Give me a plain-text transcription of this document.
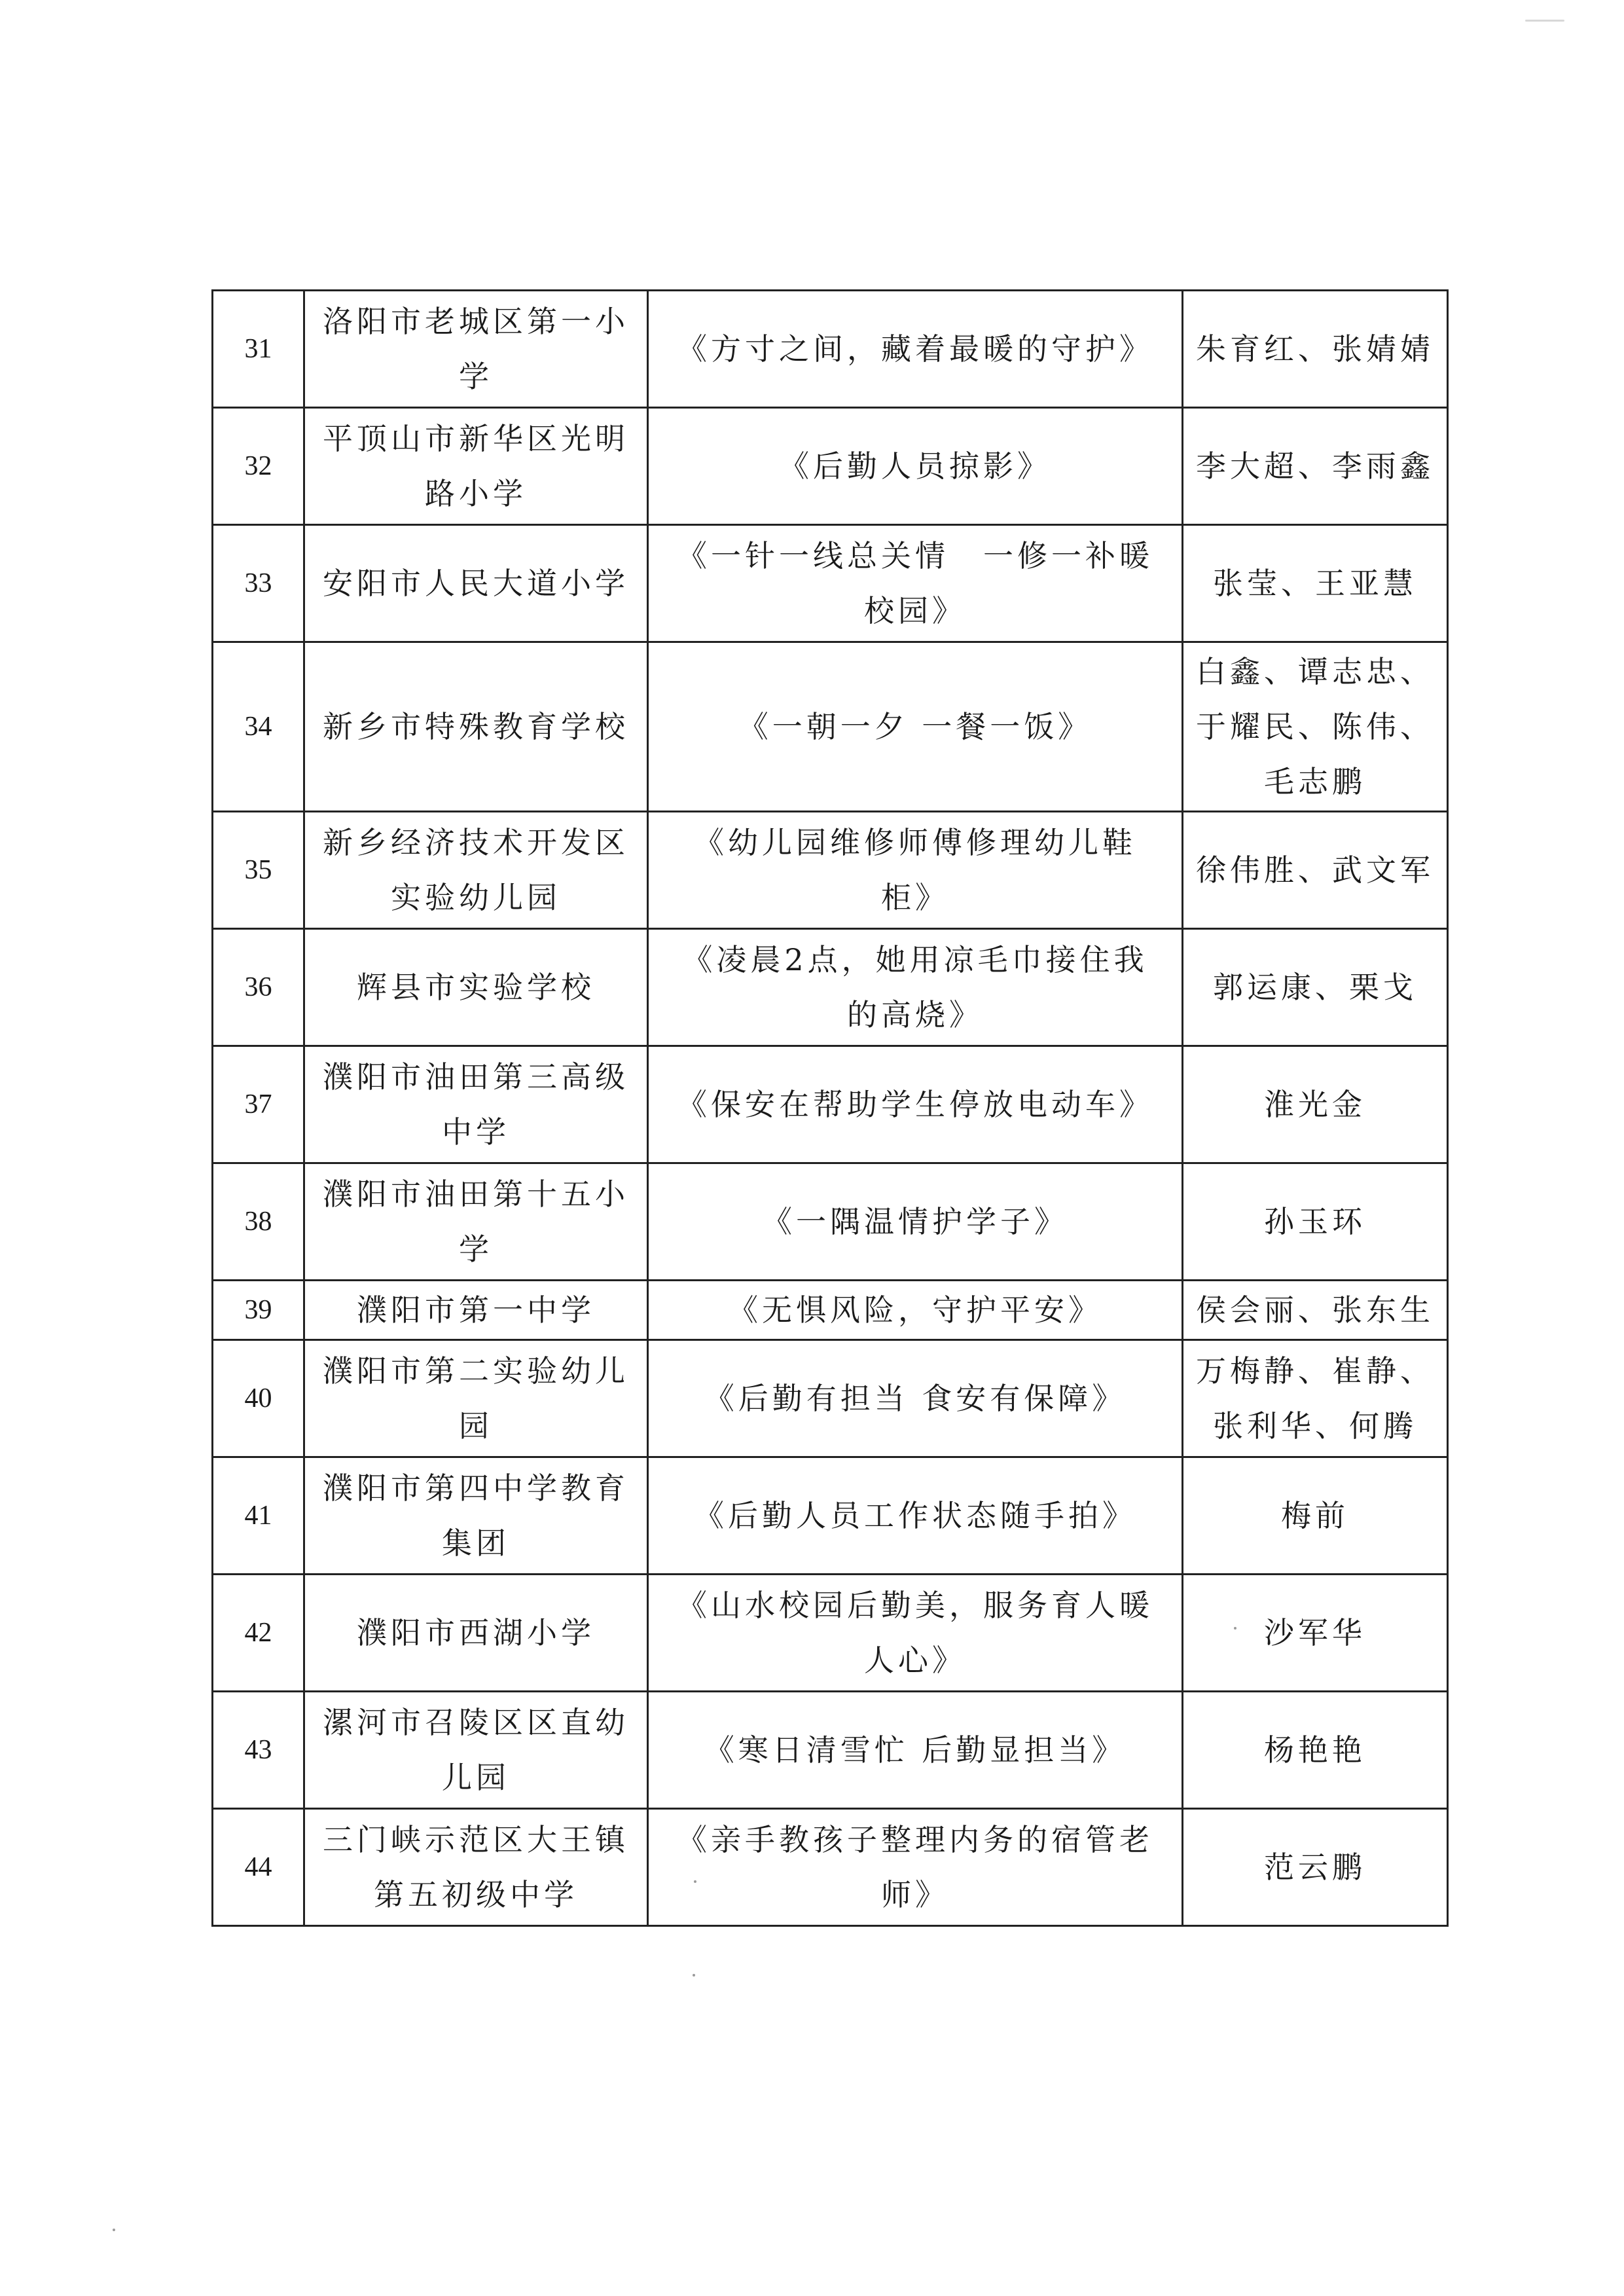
31	洛阳市老城区第一小学	《方寸之间，藏着最暖的守护》	朱育红、张婧婧
32	平顶山市新华区光明路小学	《后勤人员掠影》	李大超、李雨鑫
33	安阳市人民大道小学	《一针一线总关情　一修一补暖校园》	张莹、王亚慧
34	新乡市特殊教育学校	《一朝一夕 一餐一饭》	白鑫、谭志忠、于耀民、陈伟、毛志鹏
35	新乡经济技术开发区实验幼儿园	《幼儿园维修师傅修理幼儿鞋柜》	徐伟胜、武文军
36	辉县市实验学校	《凌晨2点，她用凉毛巾接住我的高烧》	郭运康、栗戈
37	濮阳市油田第三高级中学	《保安在帮助学生停放电动车》	淮光金
38	濮阳市油田第十五小学	《一隅温情护学子》	孙玉环
39	濮阳市第一中学	《无惧风险，守护平安》	侯会丽、张东生
40	濮阳市第二实验幼儿园	《后勤有担当 食安有保障》	万梅静、崔静、张利华、何腾
41	濮阳市第四中学教育集团	《后勤人员工作状态随手拍》	梅前
42	濮阳市西湖小学	《山水校园后勤美，服务育人暖人心》	沙军华
43	漯河市召陵区区直幼儿园	《寒日清雪忙 后勤显担当》	杨艳艳
44	三门峡示范区大王镇第五初级中学	《亲手教孩子整理内务的宿管老师》	范云鹏
